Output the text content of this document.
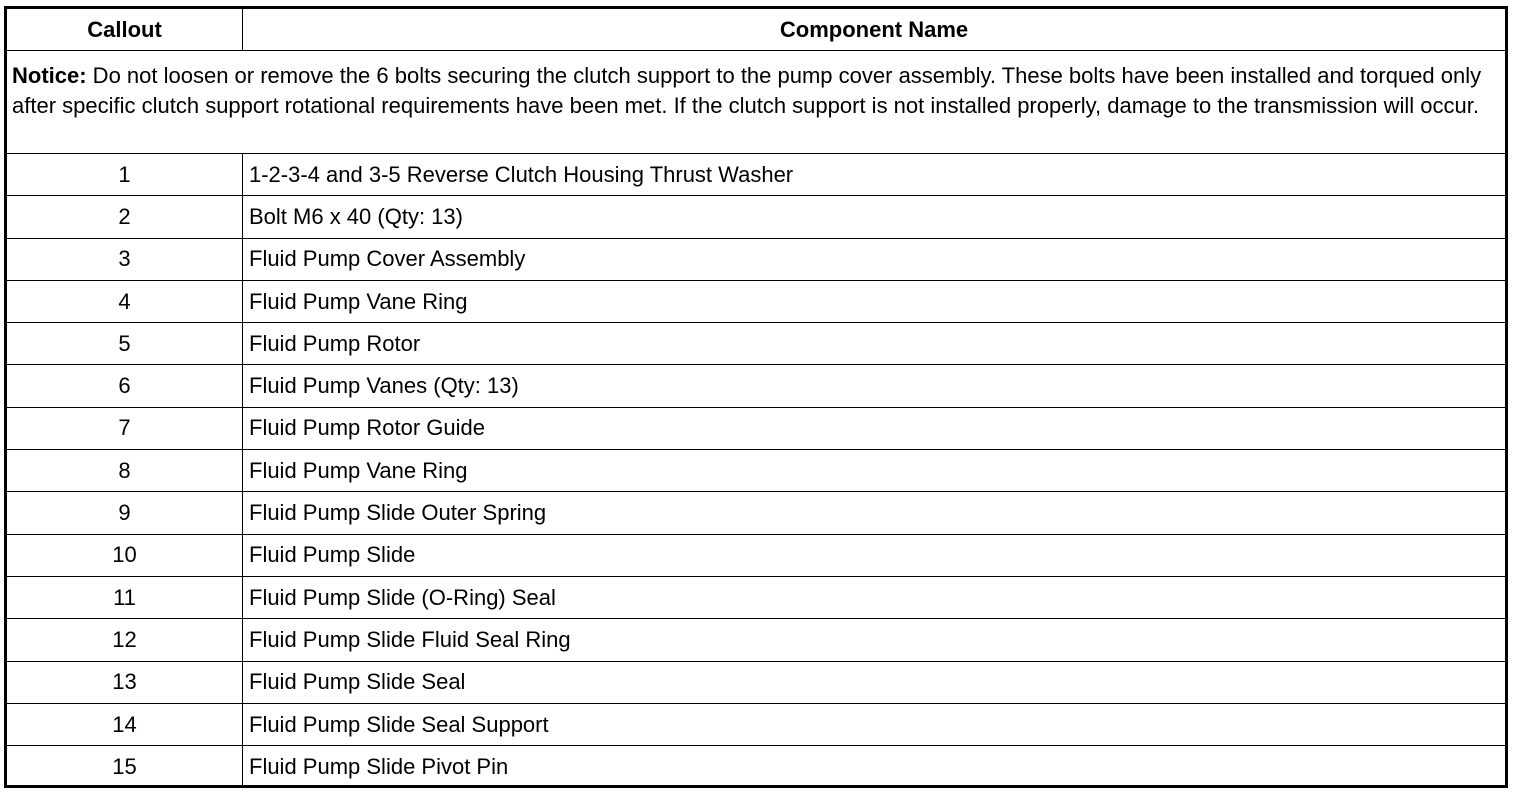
Callout	Component Name
Notice: Do not loosen or remove the 6 bolts securing the clutch support to the pump cover assembly. These bolts have been installed and torqued only after specific clutch support rotational requirements have been met. If the clutch support is not installed properly, damage to the transmission will occur.
1	1-2-3-4 and 3-5 Reverse Clutch Housing Thrust Washer
2	Bolt M6 x 40 (Qty: 13)
3	Fluid Pump Cover Assembly
4	Fluid Pump Vane Ring
5	Fluid Pump Rotor
6	Fluid Pump Vanes (Qty: 13)
7	Fluid Pump Rotor Guide
8	Fluid Pump Vane Ring
9	Fluid Pump Slide Outer Spring
10	Fluid Pump Slide
11	Fluid Pump Slide (O-Ring) Seal
12	Fluid Pump Slide Fluid Seal Ring
13	Fluid Pump Slide Seal
14	Fluid Pump Slide Seal Support
15	Fluid Pump Slide Pivot Pin
